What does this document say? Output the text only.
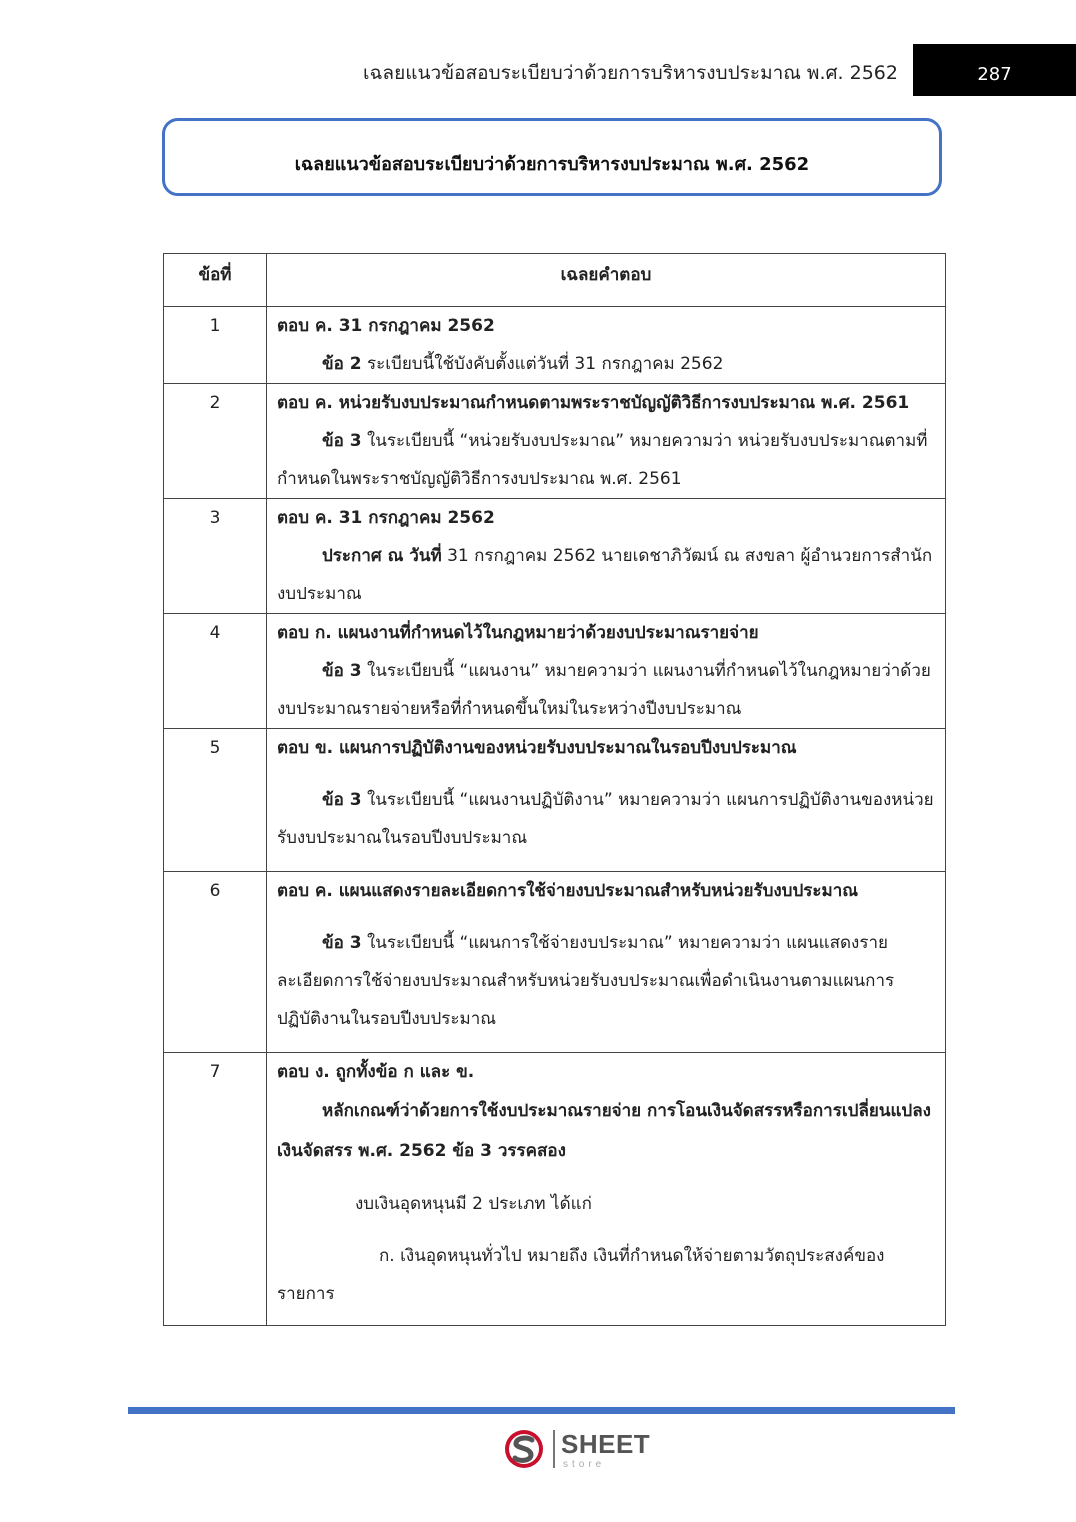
เฉลยแนวข้อสอบระเบียบว่าด้วยการบริหารงบประมาณ พ.ศ. 2562	287
เฉลยแนวข้อสอบระเบียบว่าด้วยการบริหารงบประมาณ พ.ศ. 2562
ข้อที่	เฉลยคำตอบ
1	ตอบ ค. 31 กรกฎาคม 2562

ข้อ 2 ระเบียบนี้ใช้บังคับตั้งแต่วันที่ 31 กรกฎาคม 2562

2	ตอบ ค. หน่วยรับงบประมาณกำหนดตามพระราชบัญญัติวิธีการงบประมาณ พ.ศ. 2561

ข้อ 3 ในระเบียบนี้ “หน่วยรับงบประมาณ” หมายความว่า หน่วยรับงบประมาณตามที่กำหนดในพระราชบัญญัติวิธีการงบประมาณ พ.ศ. 2561

3	ตอบ ค. 31 กรกฎาคม 2562

ประกาศ ณ วันที่ 31 กรกฎาคม 2562 นายเดชาภิวัฒน์ ณ สงขลา ผู้อำนวยการสำนักงบประมาณ

4	ตอบ ก. แผนงานที่กำหนดไว้ในกฎหมายว่าด้วยงบประมาณรายจ่าย

ข้อ 3 ในระเบียบนี้ “แผนงาน” หมายความว่า แผนงานที่กำหนดไว้ในกฎหมายว่าด้วยงบประมาณรายจ่ายหรือที่กำหนดขึ้นใหม่ในระหว่างปีงบประมาณ

5	ตอบ ข. แผนการปฏิบัติงานของหน่วยรับงบประมาณในรอบปีงบประมาณ

ข้อ 3 ในระเบียบนี้ “แผนงานปฏิบัติงาน” หมายความว่า แผนการปฏิบัติงานของหน่วยรับงบประมาณในรอบปีงบประมาณ

6	ตอบ ค. แผนแสดงรายละเอียดการใช้จ่ายงบประมาณสำหรับหน่วยรับงบประมาณ

ข้อ 3 ในระเบียบนี้ “แผนการใช้จ่ายงบประมาณ” หมายความว่า แผนแสดงรายละเอียดการใช้จ่ายงบประมาณสำหรับหน่วยรับงบประมาณเพื่อดำเนินงานตามแผนการปฏิบัติงานในรอบปีงบประมาณ

7	ตอบ ง. ถูกทั้งข้อ ก และ ข.

หลักเกณฑ์ว่าด้วยการใช้งบประมาณรายจ่าย การโอนเงินจัดสรรหรือการเปลี่ยนแปลงเงินจัดสรร พ.ศ. 2562 ข้อ 3 วรรคสอง

งบเงินอุดหนุนมี 2 ประเภท ได้แก่

ก. เงินอุดหนุนทั่วไป หมายถึง เงินที่กำหนดให้จ่ายตามวัตถุประสงค์ของรายการ

SHEET
store
